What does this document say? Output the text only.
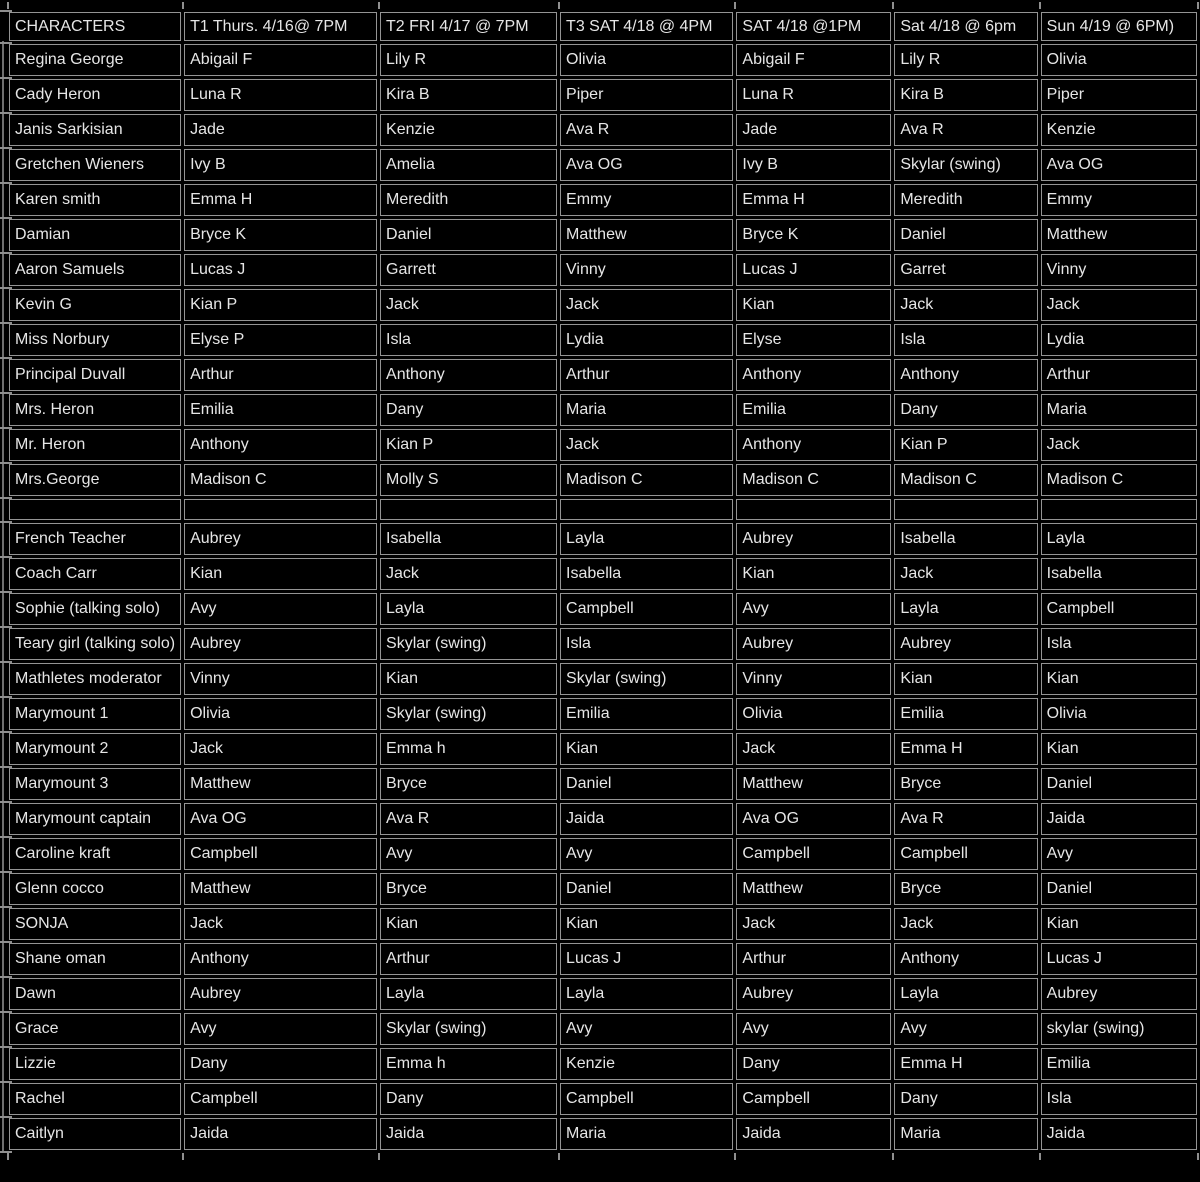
CHARACTERS	T1 Thurs. 4/16@ 7PM	T2 FRI 4/17 @ 7PM	T3 SAT 4/18 @ 4PM	SAT 4/18 @1PM	Sat 4/18 @ 6pm	Sun 4/19 @ 6PM)
Regina George	Abigail F	Lily R	Olivia	Abigail F	Lily R	Olivia
Cady Heron	Luna R	Kira B	Piper	Luna R	Kira B	Piper
Janis Sarkisian	Jade	Kenzie	Ava R	Jade	Ava R	Kenzie
Gretchen Wieners	Ivy B	Amelia	Ava OG	Ivy B	Skylar (swing)	Ava OG
Karen smith	Emma H	Meredith	Emmy	Emma H	Meredith	Emmy
Damian	Bryce K	Daniel	Matthew	Bryce K	Daniel	Matthew
Aaron Samuels	Lucas J	Garrett	Vinny	Lucas J	Garret	Vinny
Kevin G	Kian P	Jack	Jack	Kian	Jack	Jack
Miss Norbury	Elyse P	Isla	Lydia	Elyse	Isla	Lydia
Principal Duvall	Arthur	Anthony	Arthur	Anthony	Anthony	Arthur
Mrs. Heron	Emilia	Dany	Maria	Emilia	Dany	Maria
Mr. Heron	Anthony	Kian P	Jack	Anthony	Kian P	Jack
Mrs.George	Madison C	Molly S	Madison C	Madison C	Madison C	Madison C

French Teacher	Aubrey	Isabella	Layla	Aubrey	Isabella	Layla
Coach Carr	Kian	Jack	Isabella	Kian	Jack	Isabella
Sophie (talking solo)	Avy	Layla	Campbell	Avy	Layla	Campbell
Teary girl (talking solo)	Aubrey	Skylar (swing)	Isla	Aubrey	Aubrey	Isla
Mathletes moderator	Vinny	Kian	Skylar (swing)	Vinny	Kian	Kian
Marymount 1	Olivia	Skylar (swing)	Emilia	Olivia	Emilia	Olivia
Marymount 2	Jack	Emma h	Kian	Jack	Emma H	Kian
Marymount 3	Matthew	Bryce	Daniel	Matthew	Bryce	Daniel
Marymount captain	Ava OG	Ava R	Jaida	Ava OG	Ava R	Jaida
Caroline kraft	Campbell	Avy	Avy	Campbell	Campbell	Avy
Glenn cocco	Matthew	Bryce	Daniel	Matthew	Bryce	Daniel
SONJA	Jack	Kian	Kian	Jack	Jack	Kian
Shane oman	Anthony	Arthur	Lucas J	Arthur	Anthony	Lucas J
Dawn	Aubrey	Layla	Layla	Aubrey	Layla	Aubrey
Grace	Avy	Skylar (swing)	Avy	Avy	Avy	skylar (swing)
Lizzie	Dany	Emma h	Kenzie	Dany	Emma H	Emilia
Rachel	Campbell	Dany	Campbell	Campbell	Dany	Isla
Caitlyn	Jaida	Jaida	Maria	Jaida	Maria	Jaida
